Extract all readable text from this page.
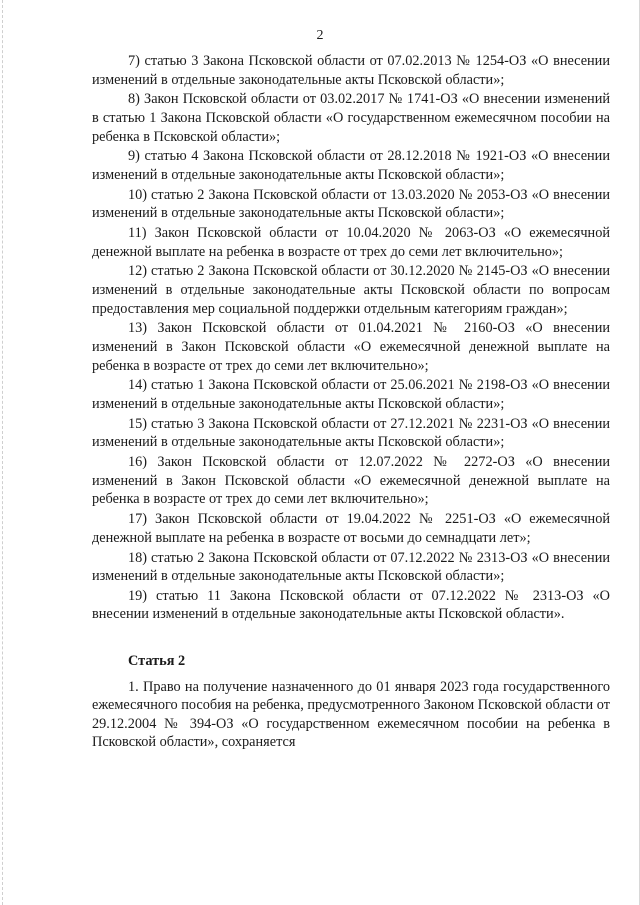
2

7) статью 3 Закона Псковской области от 07.02.2013 № 1254-ОЗ «О внесении изменений в отдельные законодательные акты Псковской области»;

8) Закон Псковской области от 03.02.2017 № 1741-ОЗ «О внесении изменений в статью 1 Закона Псковской области «О государственном ежемесячном пособии на ребенка в Псковской области»;

9) статью 4 Закона Псковской области от 28.12.2018 № 1921-ОЗ «О внесении изменений в отдельные законодательные акты Псковской области»;

10) статью 2 Закона Псковской области от 13.03.2020 № 2053-ОЗ «О внесении изменений в отдельные законодательные акты Псковской области»;

11) Закон Псковской области от 10.04.2020 № 2063-ОЗ «О ежемесячной денежной выплате на ребенка в возрасте от трех до семи лет включительно»;

12) статью 2 Закона Псковской области от 30.12.2020 № 2145-ОЗ «О внесении изменений в отдельные законодательные акты Псковской области по вопросам предоставления мер социальной поддержки отдельным категориям граждан»;

13) Закон Псковской области от 01.04.2021 № 2160-ОЗ «О внесении изменений в Закон Псковской области «О ежемесячной денежной выплате на ребенка в возрасте от трех до семи лет включительно»;

14) статью 1 Закона Псковской области от 25.06.2021 № 2198-ОЗ «О внесении изменений в отдельные законодательные акты Псковской области»;

15) статью 3 Закона Псковской области от 27.12.2021 № 2231-ОЗ «О внесении изменений в отдельные законодательные акты Псковской области»;

16) Закон Псковской области от 12.07.2022 № 2272-ОЗ «О внесении изменений в Закон Псковской области «О ежемесячной денежной выплате на ребенка в возрасте от трех до семи лет включительно»;

17) Закон Псковской области от 19.04.2022 № 2251-ОЗ «О ежемесячной денежной выплате на ребенка в возрасте от восьми до семнадцати лет»;

18) статью 2 Закона Псковской области от 07.12.2022 № 2313-ОЗ «О внесении изменений в отдельные законодательные акты Псковской области»;

19) статью 11 Закона Псковской области от 07.12.2022 № 2313-ОЗ «О внесении изменений в отдельные законодательные акты Псковской области».

Статья 2

1. Право на получение назначенного до 01 января 2023 года государственного ежемесячного пособия на ребенка, предусмотренного Законом Псковской области от 29.12.2004 № 394-ОЗ «О государственном ежемесячном пособии на ребенка в Псковской области», сохраняется
